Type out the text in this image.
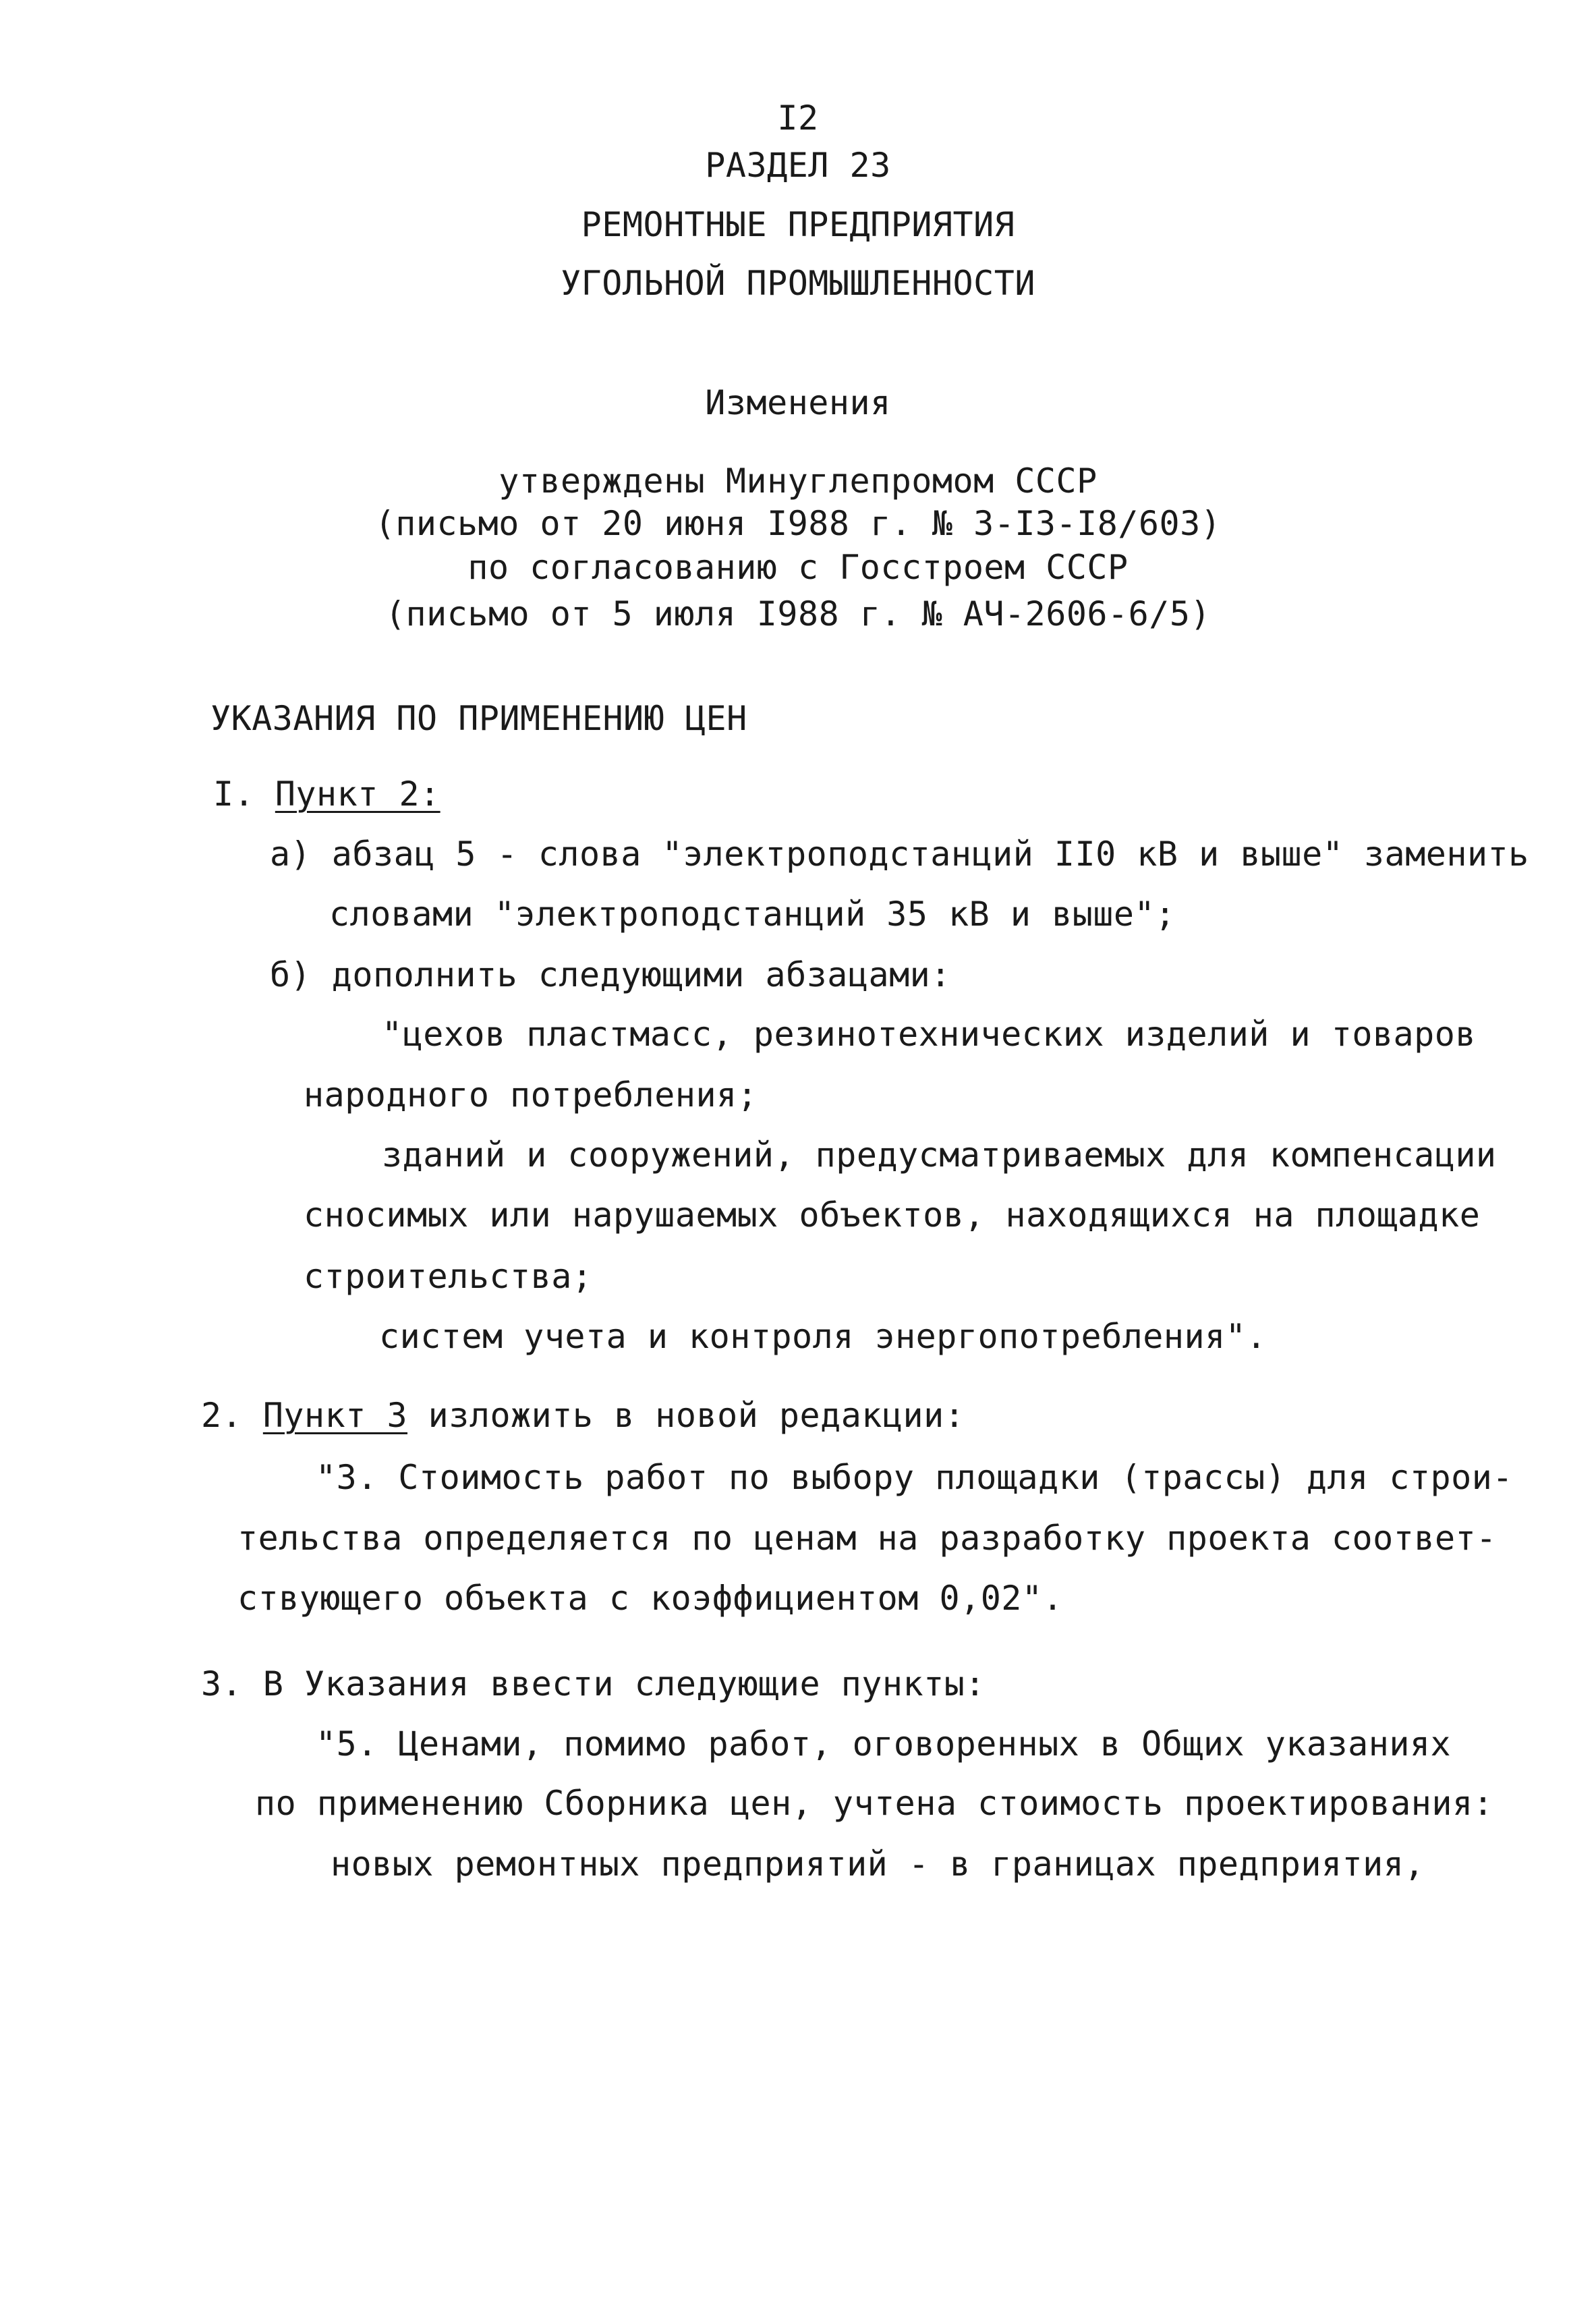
I2
РАЗДЕЛ 23
РЕМОНТНЫЕ ПРЕДПРИЯТИЯ
УГОЛЬНОЙ ПРОМЫШЛЕННОСТИ
Изменения
утверждены Минуглепромом СССР
(письмо от 20 июня I988 г. № 3-I3-I8/603)
по согласованию с Госстроем СССР
(письмо от 5 июля I988 г. № АЧ-2606-6/5)
УКАЗАНИЯ ПО ПРИМЕНЕНИЮ ЦЕН
I. Пункт 2:
а) абзац 5 - слова "электроподстанций II0 кВ и выше" заменить
словами "электроподстанций 35 кВ и выше";
б) дополнить следующими абзацами:
"цехов пластмасс, резинотехнических изделий и товаров
народного потребления;
зданий и сооружений, предусматриваемых для компенсации
сносимых или нарушаемых объектов, находящихся на площадке
строительства;
систем учета и контроля энергопотребления".
2. Пункт 3 изложить в новой редакции:
"3. Стоимость работ по выбору площадки (трассы) для строи-
тельства определяется по ценам на разработку проекта соответ-
ствующего объекта с коэффициентом 0,02".
3. В Указания ввести следующие пункты:
"5. Ценами, помимо работ, оговоренных в Общих указаниях
по применению Сборника цен, учтена стоимость проектирования:
новых ремонтных предприятий - в границах предприятия,
